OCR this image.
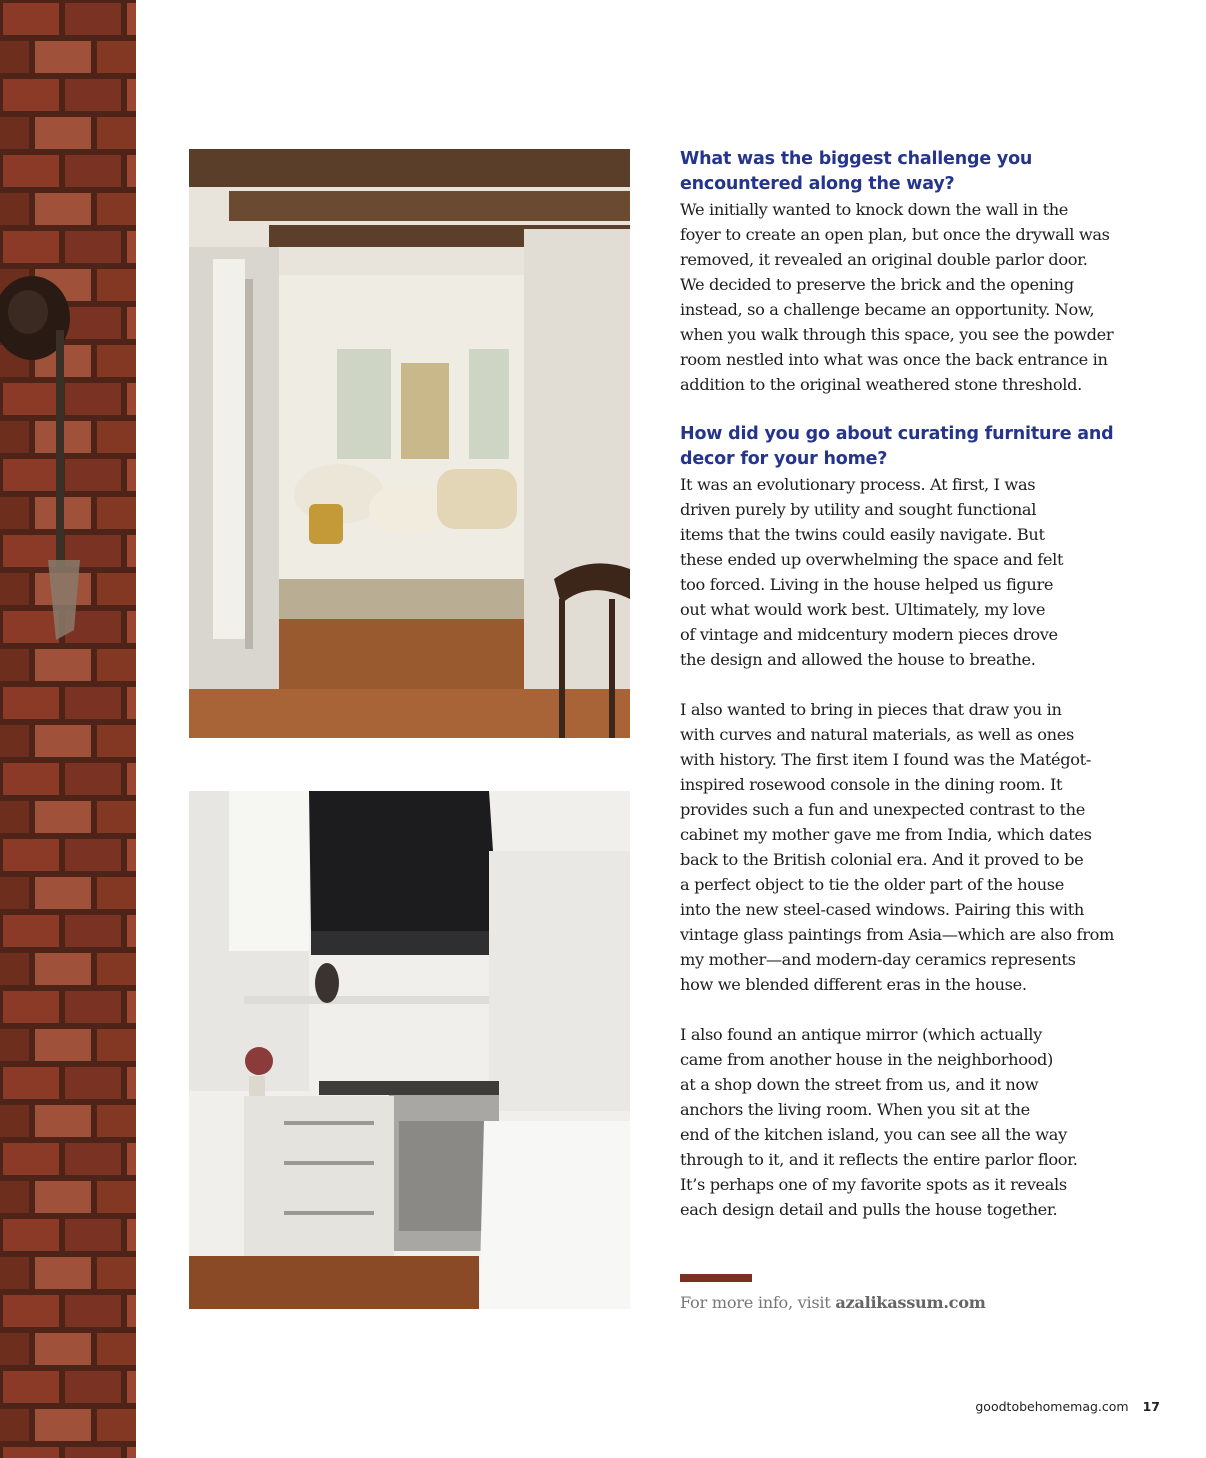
What was the biggest challenge you encountered along the way?

We initially wanted to knock down the wall in the
foyer to create an open plan, but once the drywall was
removed, it revealed an original double parlor door.
We decided to preserve the brick and the opening
instead, so a challenge became an opportunity. Now,
when you walk through this space, you see the powder
room nestled into what was once the back entrance in
addition to the original weathered stone threshold.

How did you go about curating furniture and decor for your home?

It was an evolutionary process. At first, I was
driven purely by utility and sought functional
items that the twins could easily navigate. But
these ended up overwhelming the space and felt
too forced. Living in the house helped us figure
out what would work best. Ultimately, my love
of vintage and midcentury modern pieces drove
the design and allowed the house to breathe.

I also wanted to bring in pieces that draw you in
with curves and natural materials, as well as ones
with history. The first item I found was the Matégot-
inspired rosewood console in the dining room. It
provides such a fun and unexpected contrast to the
cabinet my mother gave me from India, which dates
back to the British colonial era. And it proved to be
a perfect object to tie the older part of the house
into the new steel-cased windows. Pairing this with
vintage glass paintings from Asia—which are also from
my mother—and modern-day ceramics represents
how we blended different eras in the house.

I also found an antique mirror (which actually
came from another house in the neighborhood)
at a shop down the street from us, and it now
anchors the living room. When you sit at the
end of the kitchen island, you can see all the way
through to it, and it reflects the entire parlor floor.
It’s perhaps one of my favorite spots as it reveals
each design detail and pulls the house together.

For more info, visit azalikassum.com
goodtobehomemag.com 17
